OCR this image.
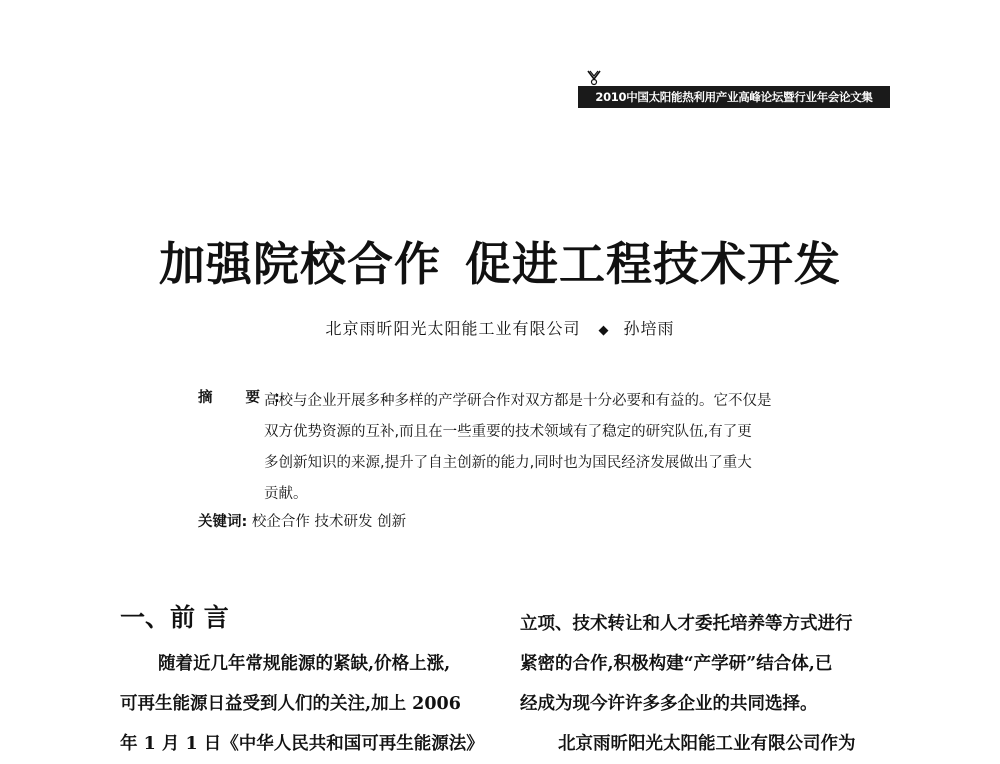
2010中国太阳能热利用产业高峰论坛暨行业年会论文集
加强院校合作 促进工程技术开发
北京雨昕阳光太阳能工业有限公司 ◆ 孙培雨
摘 要:
高校与企业开展多种多样的产学研合作对双方都是十分必要和有益的。它不仅是
双方优势资源的互补,而且在一些重要的技术领域有了稳定的研究队伍,有了更
多创新知识的来源,提升了自主创新的能力,同时也为国民经济发展做出了重大
贡献。
关键词: 校企合作 技术研发 创新
一、前 言
随着近几年常规能源的紧缺,价格上涨,
可再生能源日益受到人们的关注,加上 2006
年 1 月 1 日《中华人民共和国可再生能源法》
立项、技术转让和人才委托培养等方式进行
紧密的合作,积极构建“产学研”结合体,已
经成为现今许许多多企业的共同选择。
北京雨昕阳光太阳能工业有限公司作为
